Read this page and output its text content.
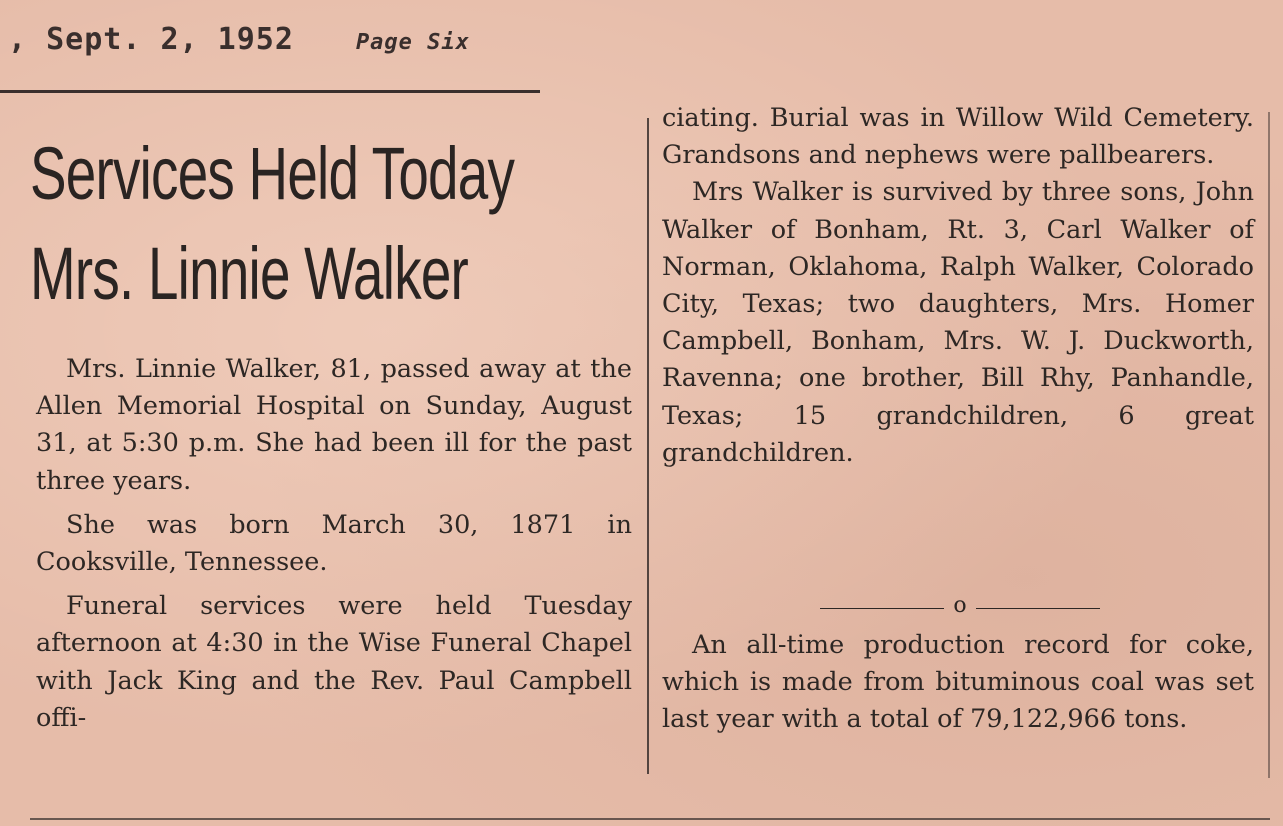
, Sept. 2, 1952	Page Six
Services Held Today
Mrs. Linnie Walker

Mrs. Linnie Walker, 81, passed away at the Allen Memorial Hospital on Sunday, August 31, at 5:30 p.m. She had been ill for the past three years.

She was born March 30, 1871 in Cooksville, Tennessee.

Funeral services were held Tuesday afternoon at 4:30 in the Wise Funeral Chapel with Jack King and the Rev. Paul Campbell offi-

ciating. Burial was in Willow Wild Cemetery. Grandsons and nephews were pallbearers.

Mrs Walker is survived by three sons, John Walker of Bonham, Rt. 3, Carl Walker of Norman, Oklahoma, Ralph Walker, Colorado City, Texas; two daughters, Mrs. Homer Campbell, Bonham, Mrs. W. J. Duckworth, Ravenna; one brother, Bill Rhy, Panhandle, Texas; 15 grandchildren, 6 great grandchildren.

o

An all-time production record for coke, which is made from bituminous coal was set last year with a total of 79,122,966 tons.
